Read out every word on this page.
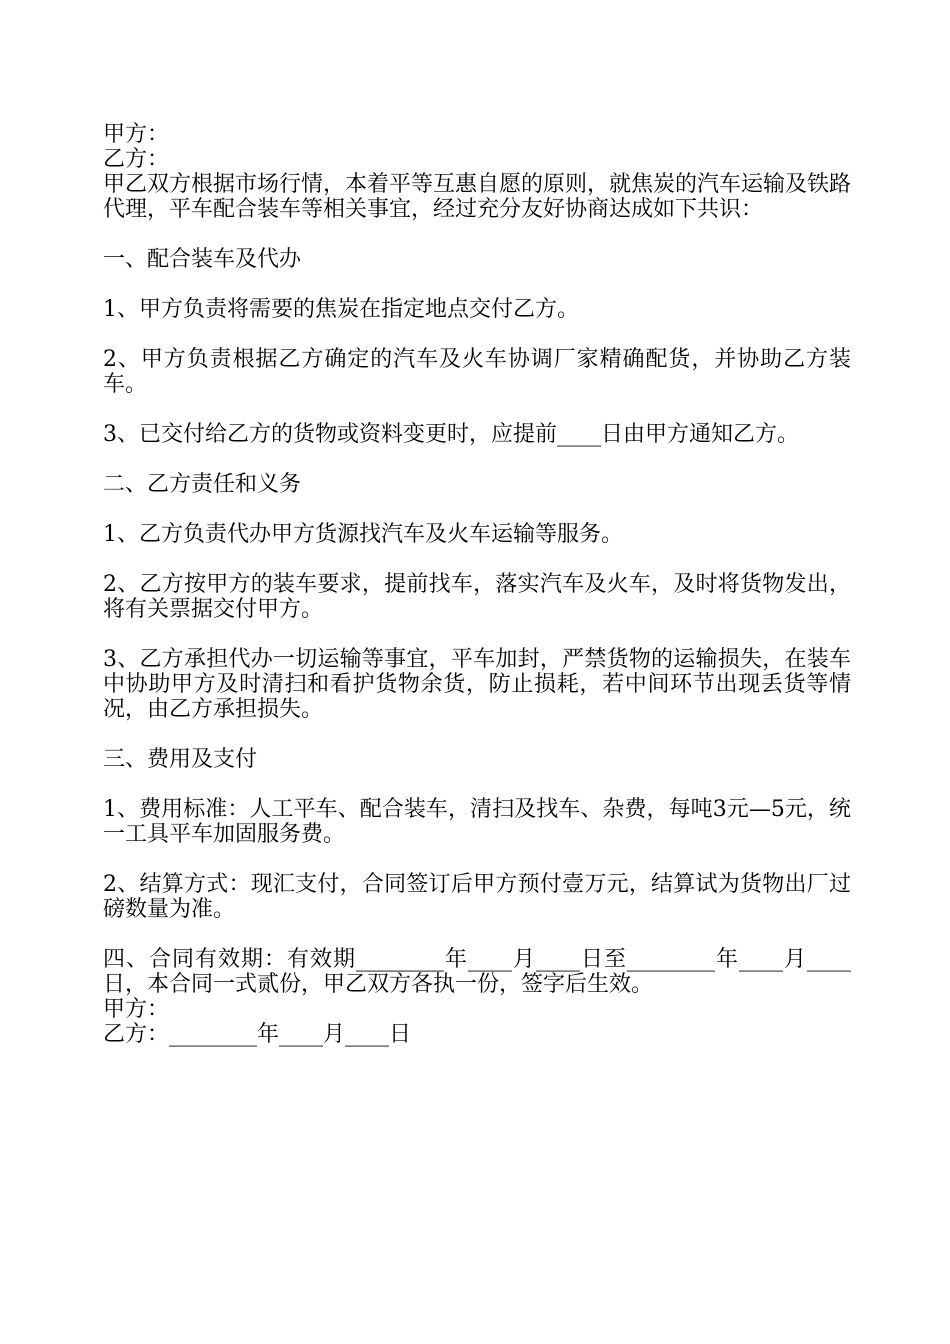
甲方：

乙方：

甲乙双方根据市场行情，本着平等互惠自愿的原则，就焦炭的汽车运输及铁路代理，平车配合装车等相关事宜，经过充分友好协商达成如下共识：

一、配合装车及代办

1、甲方负责将需要的焦炭在指定地点交付乙方。

2、甲方负责根据乙方确定的汽车及火车协调厂家精确配货，并协助乙方装车。

3、已交付给乙方的货物或资料变更时，应提前____日由甲方通知乙方。

二、乙方责任和义务

1、乙方负责代办甲方货源找汽车及火车运输等服务。

2、乙方按甲方的装车要求，提前找车，落实汽车及火车，及时将货物发出，将有关票据交付甲方。

3、乙方承担代办一切运输等事宜，平车加封，严禁货物的运输损失，在装车中协助甲方及时清扫和看护货物余货，防止损耗，若中间环节出现丢货等情况，由乙方承担损失。

三、费用及支付

1、费用标准：人工平车、配合装车，清扫及找车、杂费，每吨3元—5元，统一工具平车加固服务费。

2、结算方式：现汇支付，合同签订后甲方预付壹万元，结算试为货物出厂过磅数量为准。

四、合同有效期：有效期________年____月____日至________年____月____日，本合同一式贰份，甲乙双方各执一份，签字后生效。

甲方：

乙方：________年____月____日
